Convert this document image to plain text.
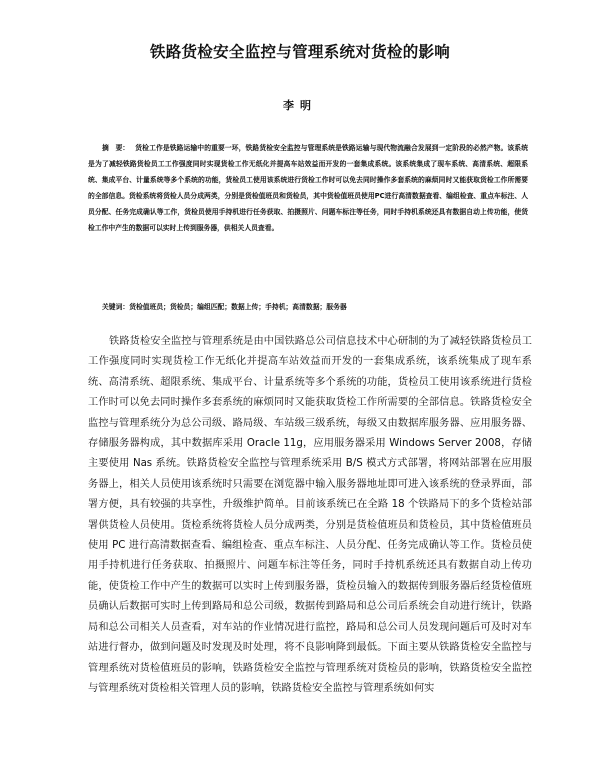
铁路货检安全监控与管理系统对货检的影响
李明

摘　要： 货检工作是铁路运输中的重要一环，铁路货检安全监控与管理系统是铁路运输与现代物流融合发展到一定阶段的必然产物。该系统是为了减轻铁路货检员工工作强度同时实现货检工作无纸化并提高车站效益而开发的一套集成系统。该系统集成了现车系统、高清系统、超限系统、集成平台、计量系统等多个系统的功能，货检员工使用该系统进行货检工作时可以免去同时操作多套系统的麻烦同时又能获取货检工作所需要的全部信息。货检系统将货检人员分成两类，分别是货检值班员和货检员，其中货检值班员使用PC进行高清数据查看、编组检查、重点车标注、人员分配、任务完成确认等工作，货检员使用手持机进行任务获取、拍摄照片、问题车标注等任务，同时手持机系统还具有数据自动上传功能，使货检工作中产生的数据可以实时上传到服务器，供相关人员查看。

关键词：货检值班员；货检员；编组匹配；数据上传；手持机；高清数据；服务器

铁路货检安全监控与管理系统是由中国铁路总公司信息技术中心研制的为了减轻铁路货检员工工作强度同时实现货检工作无纸化并提高车站效益而开发的一套集成系统，该系统集成了现车系统、高清系统、超限系统、集成平台、计量系统等多个系统的功能，货检员工使用该系统进行货检工作时可以免去同时操作多套系统的麻烦同时又能获取货检工作所需要的全部信息。铁路货检安全监控与管理系统分为总公司级、路局级、车站级三级系统，每级又由数据库服务器、应用服务器、存储服务器构成，其中数据库采用 Oracle 11g，应用服务器采用 Windows Server 2008，存储主要使用 Nas 系统。铁路货检安全监控与管理系统采用 B/S 模式方式部署，将网站部署在应用服务器上，相关人员使用该系统时只需要在浏览器中输入服务器地址即可进入该系统的登录界面，部署方便，具有较强的共享性，升级维护简单。目前该系统已在全路 18 个铁路局下的多个货检站部署供货检人员使用。货检系统将货检人员分成两类，分别是货检值班员和货检员，其中货检值班员使用 PC 进行高清数据查看、编组检查、重点车标注、人员分配、任务完成确认等工作。货检员使用手持机进行任务获取、拍摄照片、问题车标注等任务，同时手持机系统还具有数据自动上传功能，使货检工作中产生的数据可以实时上传到服务器，货检员输入的数据传到服务器后经货检值班员确认后数据可实时上传到路局和总公司级，数据传到路局和总公司后系统会自动进行统计，铁路局和总公司相关人员查看，对车站的作业情况进行监控，路局和总公司人员发现问题后可及时对车站进行督办，做到问题及时发现及时处理，将不良影响降到最低。下面主要从铁路货检安全监控与管理系统对货检值班员的影响，铁路货检安全监控与管理系统对货检员的影响，铁路货检安全监控与管理系统对货检相关管理人员的影响，铁路货检安全监控与管理系统如何实
